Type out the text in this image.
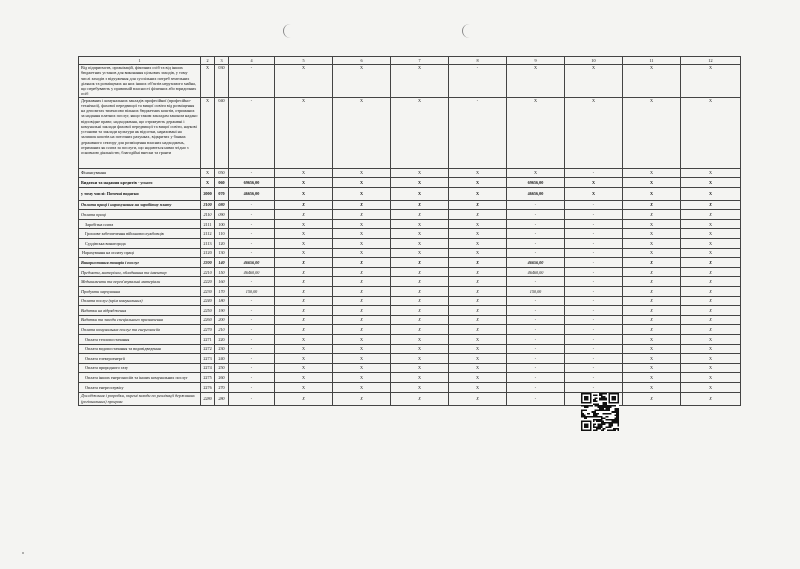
1	2	3	4	5	6	7	8	9	10	11	12
Від підприємств, організацій, фізичних осіб та від інших бюджетних установ для виконання цільових заходів, у тому числі заходів з відчуження для суспільних потреб земельних ділянок та розміщених на них інших об'єктів нерухомого майна, що перебувають у приватній власності фізичних або юридичних осіб	Х	030	-	Х	Х	Х	-	Х	Х	Х	Х
Державних і комунальних закладів професійної (професійно-технічної), фахової передвищої та вищої освіти від розміщення на депозитах тимчасово вільних бюджетних коштів, отриманих за надання платних послуг, якщо таким закладам законом надано відповідне право; надходження, що отримують державні і комунальні заклади фахової передвищої та вищої освіти, наукові установи та заклади культури як відсотки, нараховані на залишок коштів на поточних рахунках, відкритих у банках державного сектору для розміщення власних надходжень, отриманих як плата за послуги, що надаються ними згідно з основною діяльністю, благодійні внески та гранти	Х	040	-	Х	Х	Х	-	Х	Х	Х	Х
Фінансування	Х	050	-	Х	Х	Х	Х	Х	-	Х	Х
Видатки та надання кредитів - усього	Х	060	69656,00	Х	Х	Х	Х	69656,00	Х	Х	Х
у тому числі: Поточні видатки	2000	070	46656,00	Х	Х	Х	Х	46656,00	Х	Х	Х
Оплата праці і нарахування на заробітну плату	2100	080	-	Х	Х	Х	Х	-	-	Х	Х
Оплата праці	2110	090	-	Х	Х	Х	Х	-	-	Х	Х
Заробітна плата	2111	100	-	Х	Х	Х	Х	-	-	Х	Х
Грошове забезпечення військовослужбовців	2112	110	-	Х	Х	Х	Х	-	-	Х	Х
Суддівська винагорода	2113	120	-	Х	Х	Х	Х	-	-	Х	Х
Нарахування на оплату праці	2120	130	-	Х	Х	Х	Х	-	-	Х	Х
Використання товарів і послуг	2200	140	46656,00	Х	Х	Х	Х	46656,00	-	Х	Х
Предмети, матеріали, обладнання та інвентар	2210	150	46460,00	Х	Х	Х	Х	46460,00	-	Х	Х
Медикаменти та перев'язувальні матеріали	2220	160	-	Х	Х	Х	Х	-	-	Х	Х
Продукти харчування	2230	170	150,00	Х	Х	Х	Х	150,00	-	Х	Х
Оплата послуг (крім комунальних)	2240	180	-	Х	Х	Х	Х	-	-	Х	Х
Видатки на відрядження	2250	190	-	Х	Х	Х	Х	-	-	Х	Х
Видатки та заходи спеціального призначення	2260	200	-	Х	Х	Х	Х	-	-	Х	Х
Оплата комунальних послуг та енергоносіїв	2270	210	-	Х	Х	Х	Х	-	-	Х	Х
Оплата теплопостачання	2271	220	-	Х	Х	Х	Х	-	-	Х	Х
Оплата водопостачання та водовідведення	2272	230	-	Х	Х	Х	Х	-	-	Х	Х
Оплата електроенергії	2273	240	-	Х	Х	Х	Х	-	-	Х	Х
Оплата природного газу	2274	250	-	Х	Х	Х	Х	-	-	Х	Х
Оплата інших енергоносіїв та інших комунальних послуг	2275	260	-	Х	Х	Х	Х	-	-	Х	Х
Оплата енергосервісу	2276	270	-	Х	Х	Х	Х	-	-	Х	Х
Дослідження і розробки, окремі заходи по реалізації державних (регіональних) програм	2280	280	-	Х	Х	Х	Х	-		Х	Х
